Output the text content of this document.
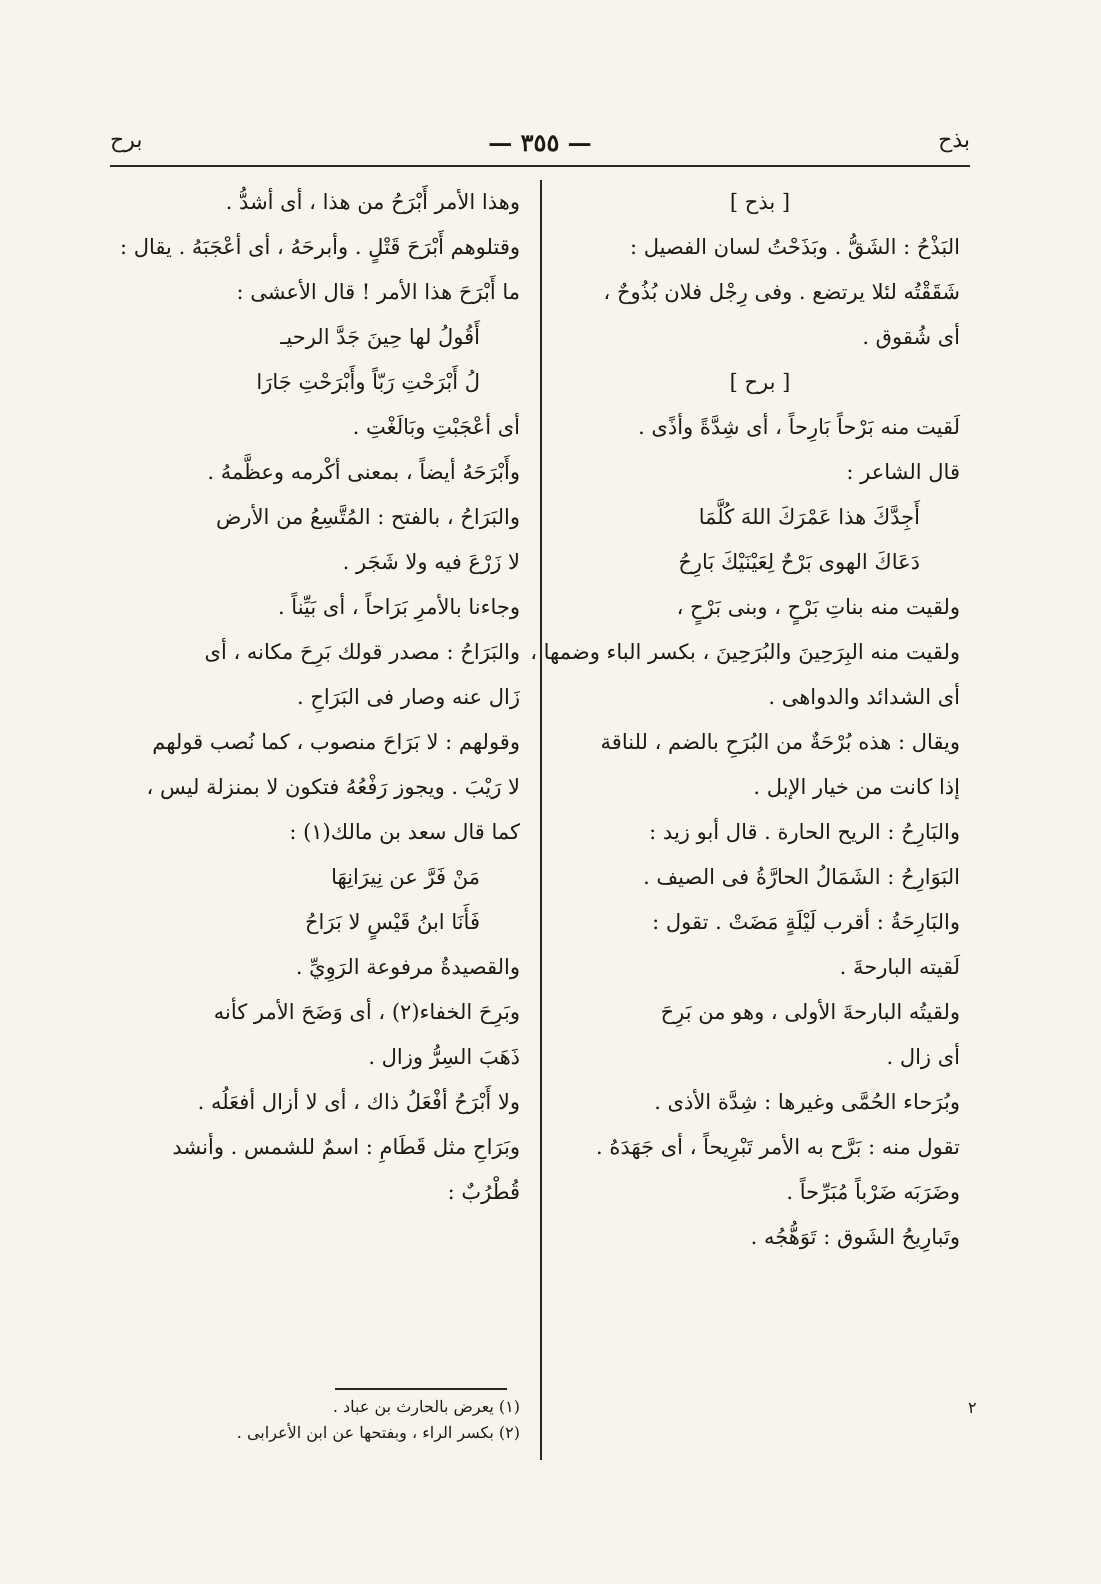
بذح
— ٣٥٥ —
برح
[ بذح ]
البَذْحُ : الشَقُّ . وبَذَحْتُ لسان الفصيل :
شَقَقْتُه لئلا يرتضع . وفى رِجْل فلان بُذُوحٌ ،
أى شُقوق .
[ برح ]
لَقيت منه بَرْحاً بَارِحاً ، أى شِدَّةً وأذًى .
قال الشاعر :
أَجِدَّكَ هذا عَمْرَكَ اللهَ كُلَّمَا
دَعَاكَ الهوى بَرْحٌ لِعَيْنَيْكَ بَارِحُ
ولقيت منه بناتِ بَرْحٍ ، وبنى بَرْحٍ ،
ولقيت منه البِرَحِينَ والبُرَحِينَ ، بكسر الباء وضمها ،
أى الشدائد والدواهى .
ويقال : هذه بُرْحَةٌ من البُرَحِ بالضم ، للناقة
إذا كانت من خيار الإبل .
والبَارِحُ : الريح الحارة . قال أبو زيد :
البَوَارِحُ : الشَمَالُ الحارَّةُ فى الصيف .
والبَارِحَةُ : أقرب لَيْلَةٍ مَضَتْ . تقول :
لَقيته البارحةَ .
ولقيتُه البارحةَ الأولى ، وهو من بَرِحَ
أى زال .
وبُرَحاء الحُمَّى وغيرها : شِدَّة الأذى .
تقول منه : بَرَّح به الأمر تَبْرِيحاً ، أى جَهَدَهُ .
وضَرَبَه ضَرْباً مُبَرِّحاً .
وتَبارِيحُ الشَوق : تَوَهُّجُه .
وهذا الأمر أَبْرَحُ من هذا ، أى أشدُّ .
وقتلوهم أَبْرَحَ قَتْلٍ . وأبرحَهُ ، أى أعْجَبَهُ . يقال :
ما أَبْرَحَ هذا الأمر ! قال الأعشى :
أَقُولُ لها حِينَ جَدَّ الرحيـ
لُ أَبْرَحْتِ رَبّاً وأَبْرَحْتِ جَارَا
أى أعْجَبْتِ وبَالَغْتِ .
وأَبْرَحَهُ أيضاً ، بمعنى أكْرمه وعظَّمهُ .
والبَرَاحُ ، بالفتح : المُتَّسِعُ من الأرض
لا زَرْعَ فيه ولا شَجَر .
وجاءنا بالأمرِ بَرَاحاً ، أى بَيِّناً .
والبَرَاحُ : مصدر قولك بَرِحَ مكانه ، أى
زَال عنه وصار فى البَرَاحِ .
وقولهم : لا بَرَاحَ منصوب ، كما نُصب قولهم
لا رَيْبَ . ويجوز رَفْعُهُ فتكون لا بمنزلة ليس ،
كما قال سعد بن مالك(١) :
مَنْ فَرَّ عن نِيرَانِهَا
فَأَنَا ابنُ قَيْسٍ لا بَرَاحُ
والقصيدةُ مرفوعة الرَوِيِّ .
وبَرِحَ الخفاء(٢) ، أى وَضَحَ الأمر كأنه
ذَهَبَ السِرُّ وزال .
ولا أَبْرَحُ أفْعَلُ ذاك ، أى لا أزال أفعَلُه .
وبَرَاحِ مثل قَطَامِ : اسمٌ للشمس . وأنشد
قُطْرُبٌ :
(١) يعرض بالحارث بن عباد .
(٢) بكسر الراء ، وبفتحها عن ابن الأعرابى .
٢
